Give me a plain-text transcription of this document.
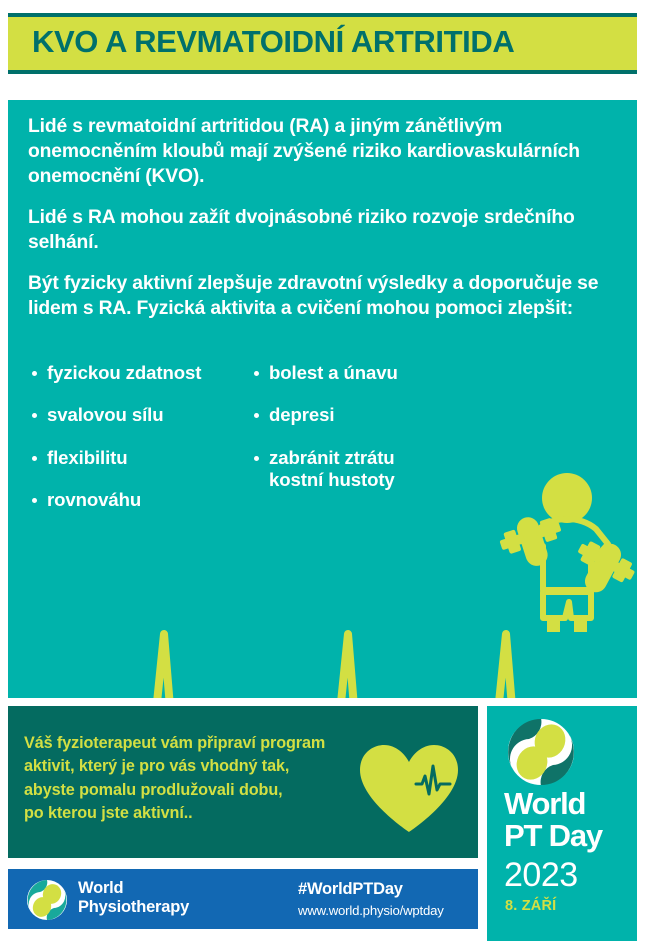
KVO A REVMATOIDNÍ ARTRITIDA

Lidé s revmatoidní artritidou (RA) a jiným zánětlivým onemocněním kloubů mají zvýšené riziko kardiovaskulárních onemocnění (KVO).

Lidé s RA mohou zažít dvojnásobné riziko rozvoje srdečního selhání.

Být fyzicky aktivní zlepšuje zdravotní výsledky a doporučuje se lidem s RA. Fyzická aktivita a cvičení mohou pomoci zlepšit:

fyzickou zdatnost
svalovou sílu
flexibilitu
rovnováhu
bolest a únavu
depresi
zabránit ztrátu
kostní hustoty
Váš fyzioterapeut vám připraví program
aktivit, který je pro vás vhodný tak,
abyste pomalu prodlužovali dobu,
po kterou jste aktivní..	World
PT Day
2023
8. ZÁŘÍ
World
Physiotherapy
#WorldPTDay
www.world.physio/wptday
